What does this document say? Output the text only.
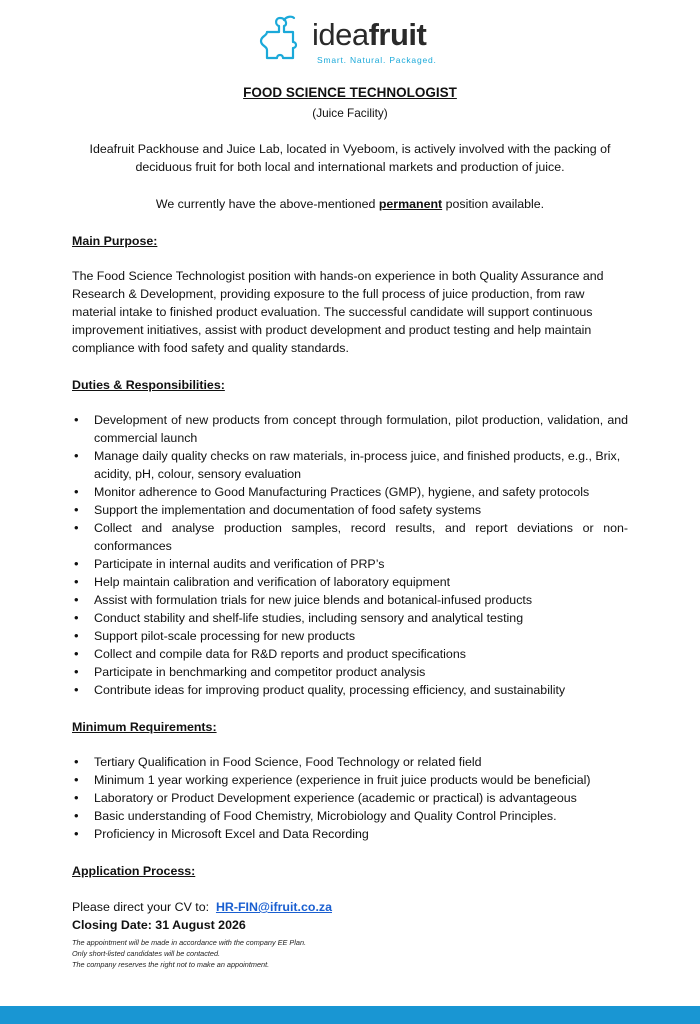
ideafruit
Smart. Natural. Packaged.

FOOD SCIENCE TECHNOLOGIST

(Juice Facility)

Ideafruit Packhouse and Juice Lab, located in Vyeboom, is actively involved with the packing of deciduous fruit for both local and international markets and production of juice.

We currently have the above-mentioned permanent position available.

Main Purpose:

The Food Science Technologist position with hands-on experience in both Quality Assurance and Research & Development, providing exposure to the full process of juice production, from raw material intake to finished product evaluation. The successful candidate will support continuous improvement initiatives, assist with product development and product testing and help maintain compliance with food safety and quality standards.

Duties & Responsibilities:

• Development of new products from concept through formulation, pilot production, validation, and commercial launch
• Manage daily quality checks on raw materials, in-process juice, and finished products, e.g., Brix, acidity, pH, colour, sensory evaluation
• Monitor adherence to Good Manufacturing Practices (GMP), hygiene, and safety protocols
• Support the implementation and documentation of food safety systems
• Collect and analyse production samples, record results, and report deviations or non-conformances
• Participate in internal audits and verification of PRP’s
• Help maintain calibration and verification of laboratory equipment
• Assist with formulation trials for new juice blends and botanical-infused products
• Conduct stability and shelf-life studies, including sensory and analytical testing
• Support pilot-scale processing for new products
• Collect and compile data for R&D reports and product specifications
• Participate in benchmarking and competitor product analysis
• Contribute ideas for improving product quality, processing efficiency, and sustainability

Minimum Requirements:

• Tertiary Qualification in Food Science, Food Technology or related field
• Minimum 1 year working experience (experience in fruit juice products would be beneficial)
• Laboratory or Product Development experience (academic or practical) is advantageous
• Basic understanding of Food Chemistry, Microbiology and Quality Control Principles.
• Proficiency in Microsoft Excel and Data Recording

Application Process:

Please direct your CV to: HR-FIN@ifruit.co.za

Closing Date: 31 August 2026

The appointment will be made in accordance with the company EE Plan.
Only short-listed candidates will be contacted.
The company reserves the right not to make an appointment.
